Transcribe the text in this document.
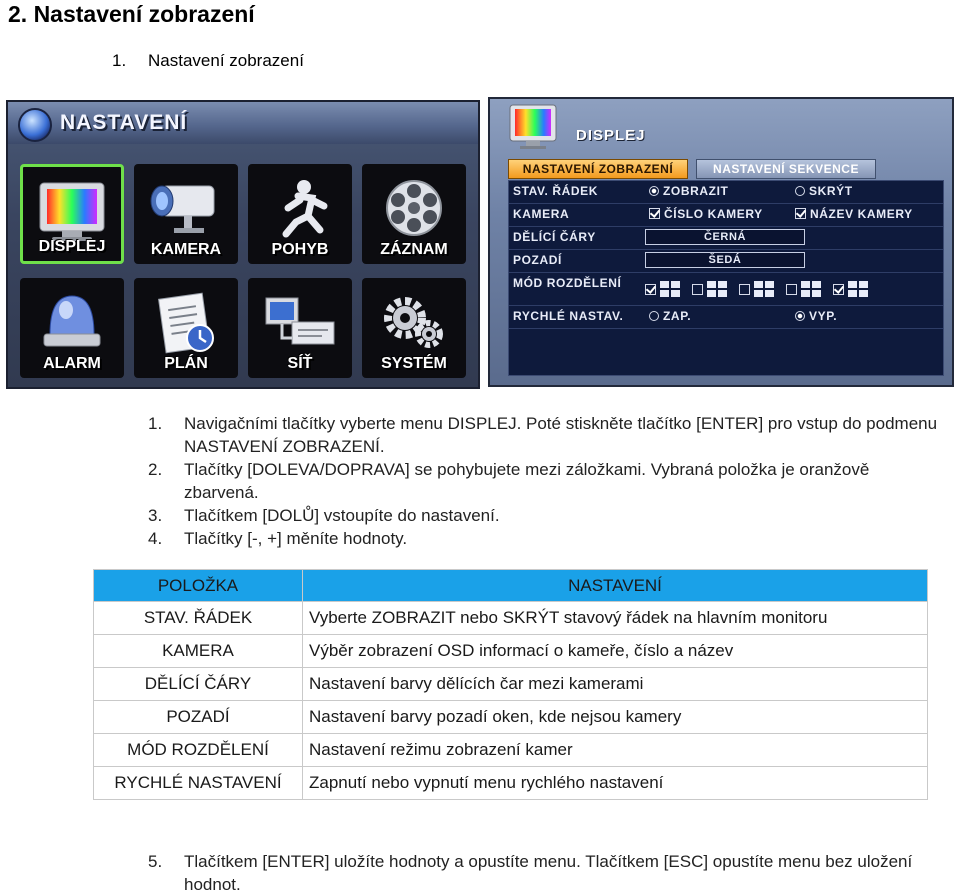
2. Nastavení zobrazení
1. Nastavení zobrazení
NASTAVENÍ
DISPLEJ	KAMERA	POHYB	ZÁZNAM
ALARM	PLÁN	SÍŤ	SYSTÉM
DISPLEJ
NASTAVENÍ ZOBRAZENÍ	NASTAVENÍ SEKVENCE
STAV. ŘÁDEK	ZOBRAZIT	SKRÝT
KAMERA	ČÍSLO KAMERY	NÁZEV KAMERY
DĚLÍCÍ ČÁRY	ČERNÁ
POZADÍ	ŠEDÁ
MÓD ROZDĚLENÍ
RYCHLÉ NASTAV.	ZAP.	VYP.
1. Navigačními tlačítky vyberte menu DISPLEJ. Poté stiskněte tlačítko [ENTER] pro vstup do podmenu NASTAVENÍ ZOBRAZENÍ.
2. Tlačítky [DOLEVA/DOPRAVA] se pohybujete mezi záložkami. Vybraná položka je oranžově zbarvená.
3. Tlačítkem [DOLŮ] vstoupíte do nastavení.
4. Tlačítky [-, +] měníte hodnoty.
POLOŽKA	NASTAVENÍ
STAV. ŘÁDEK	Vyberte ZOBRAZIT nebo SKRÝT stavový řádek na hlavním monitoru
KAMERA	Výběr zobrazení OSD informací o kameře, číslo a název
DĚLÍCÍ ČÁRY	Nastavení barvy dělících čar mezi kamerami
POZADÍ	Nastavení barvy pozadí oken, kde nejsou kamery
MÓD ROZDĚLENÍ	Nastavení režimu zobrazení kamer
RYCHLÉ NASTAVENÍ	Zapnutí nebo vypnutí menu rychlého nastavení
5. Tlačítkem [ENTER] uložíte hodnoty a opustíte menu. Tlačítkem [ESC] opustíte menu bez uložení hodnot.
